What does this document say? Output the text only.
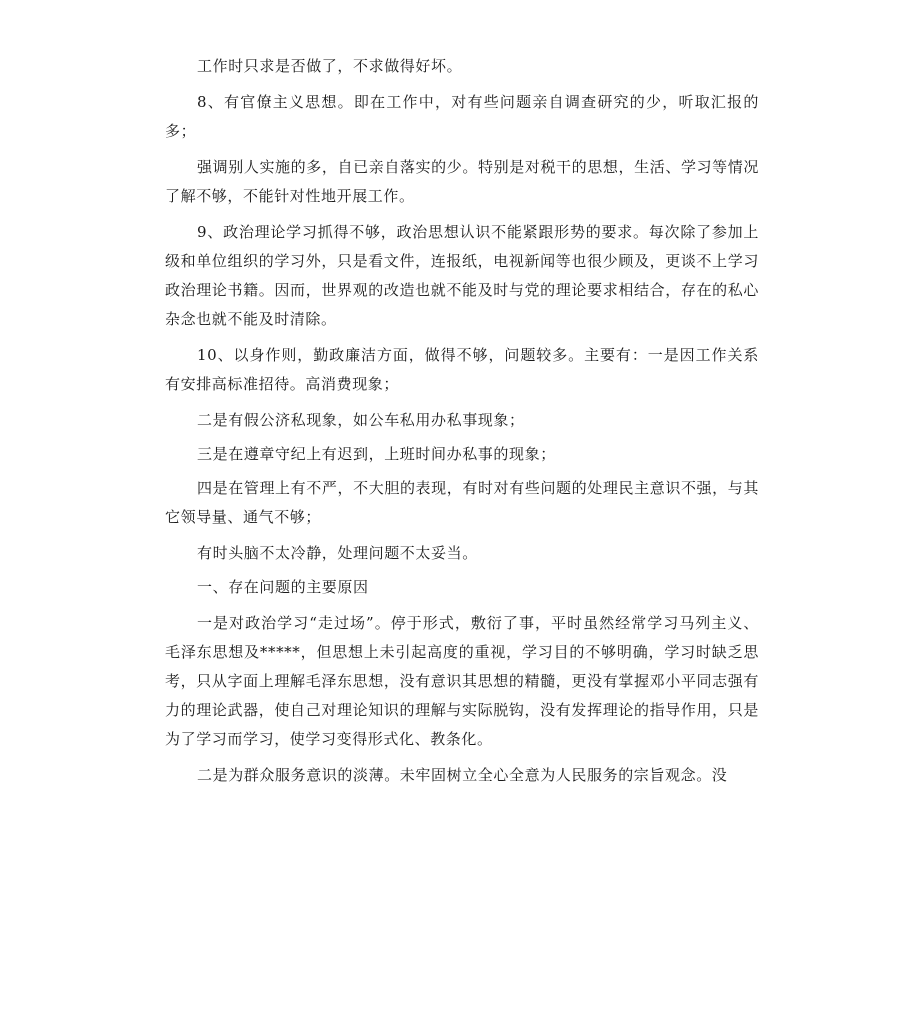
工作时只求是否做了，不求做得好坏。

8、有官僚主义思想。即在工作中，对有些问题亲自调查研究的少，听取汇报的多；

强调别人实施的多，自已亲自落实的少。特别是对税干的思想，生活、学习等情况了解不够，不能针对性地开展工作。

9、政治理论学习抓得不够，政治思想认识不能紧跟形势的要求。每次除了参加上级和单位组织的学习外，只是看文件，连报纸，电视新闻等也很少顾及，更谈不上学习政治理论书籍。因而，世界观的改造也就不能及时与党的理论要求相结合，存在的私心杂念也就不能及时清除。

10、以身作则，勤政廉洁方面，做得不够，问题较多。主要有：一是因工作关系有安排高标准招待。高消费现象；

二是有假公济私现象，如公车私用办私事现象；

三是在遵章守纪上有迟到，上班时间办私事的现象；

四是在管理上有不严，不大胆的表现，有时对有些问题的处理民主意识不强，与其它领导量、通气不够；

有时头脑不太冷静，处理问题不太妥当。

一、存在问题的主要原因

一是对政治学习“走过场”。停于形式，敷衍了事，平时虽然经常学习马列主义、毛泽东思想及*****，但思想上未引起高度的重视，学习目的不够明确，学习时缺乏思考，只从字面上理解毛泽东思想，没有意识其思想的精髓，更没有掌握邓小平同志强有力的理论武器，使自己对理论知识的理解与实际脱钩，没有发挥理论的指导作用，只是为了学习而学习，使学习变得形式化、教条化。

二是为群众服务意识的淡薄。未牢固树立全心全意为人民服务的宗旨观念。没
